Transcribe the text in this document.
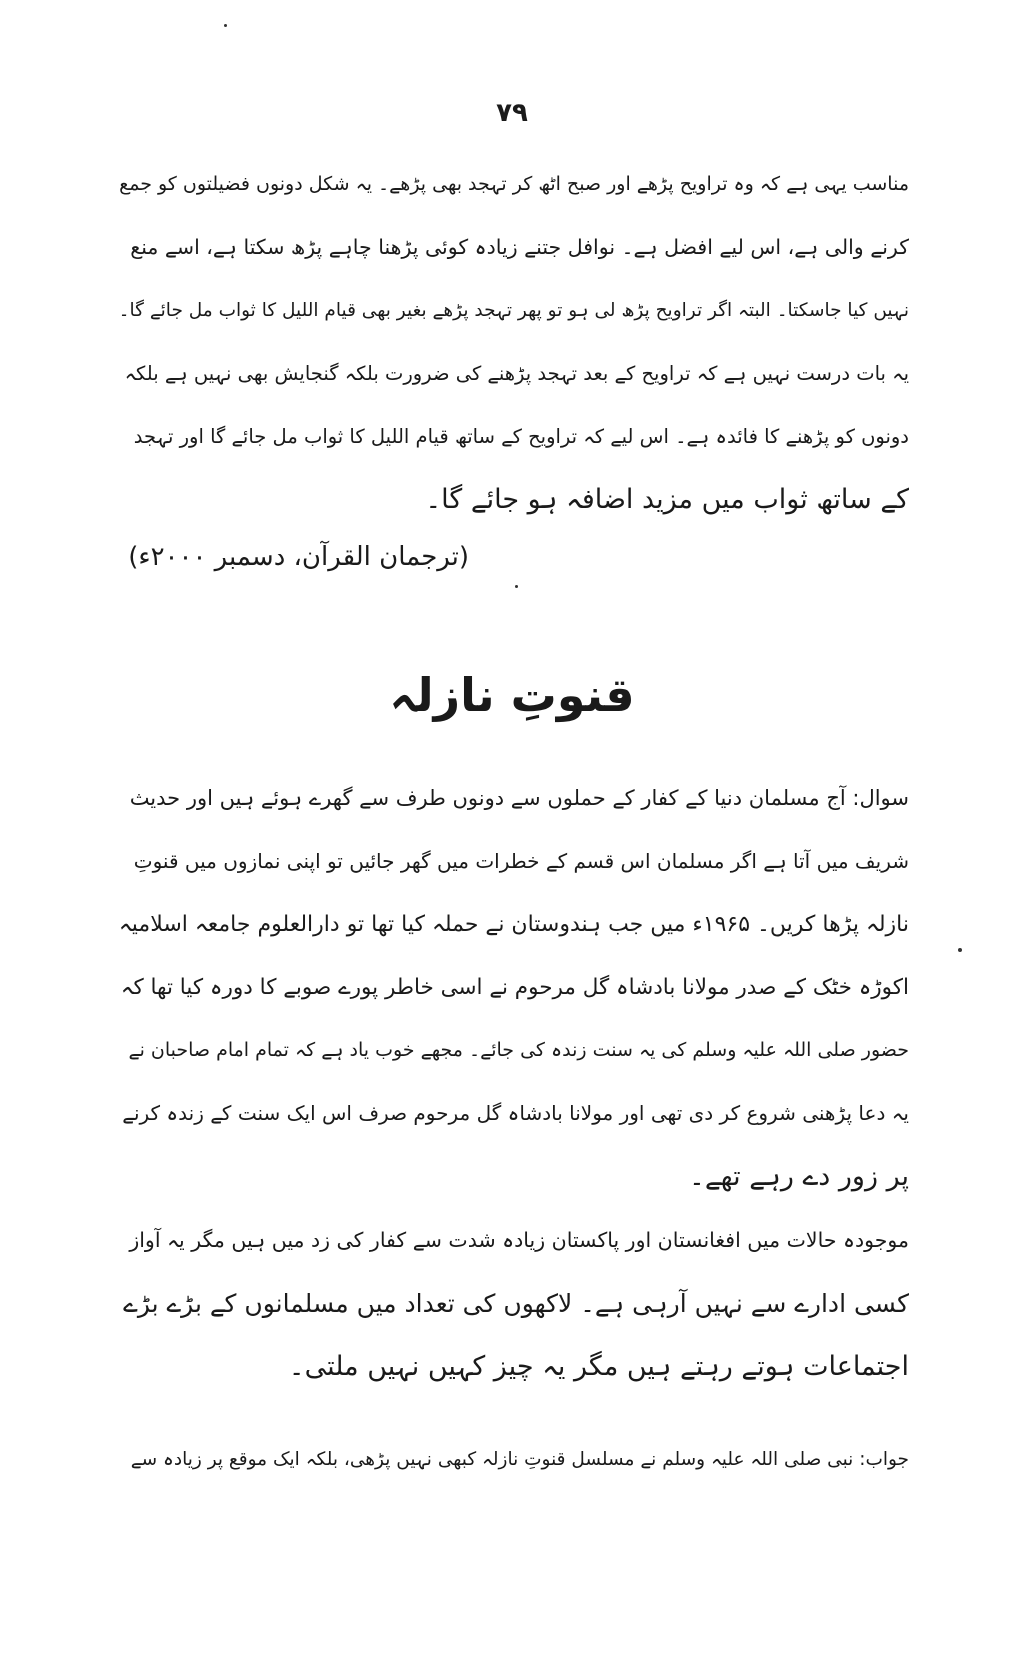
۷۹
مناسب یہی ہے کہ وہ تراویح پڑھے اور صبح اٹھ کر تہجد بھی پڑھے۔ یہ شکل دونوں فضیلتوں کو جمع
کرنے والی ہے، اس لیے افضل ہے۔ نوافل جتنے زیادہ کوئی پڑھنا چاہے پڑھ سکتا ہے، اسے منع
نہیں کیا جاسکتا۔ البتہ اگر تراویح پڑھ لی ہو تو پھر تہجد پڑھے بغیر بھی قیام اللیل کا ثواب مل جائے گا۔
یہ بات درست نہیں ہے کہ تراویح کے بعد تہجد پڑھنے کی ضرورت بلکہ گنجایش بھی نہیں ہے بلکہ
دونوں کو پڑھنے کا فائدہ ہے۔ اس لیے کہ تراویح کے ساتھ قیام اللیل کا ثواب مل جائے گا اور تہجد
کے ساتھ ثواب میں مزید اضافہ ہو جائے گا۔
(ترجمان القرآن، دسمبر ۲۰۰۰ء)
قنوتِ نازلہ
سوال: آج مسلمان دنیا کے کفار کے حملوں سے دونوں طرف سے گھرے ہوئے ہیں اور حدیث
شریف میں آتا ہے اگر مسلمان اس قسم کے خطرات میں گھر جائیں تو اپنی نمازوں میں قنوتِ
نازلہ پڑھا کریں۔ ۱۹۶۵ء میں جب ہندوستان نے حملہ کیا تھا تو دارالعلوم جامعہ اسلامیہ
اکوڑہ خٹک کے صدر مولانا بادشاہ گل مرحوم نے اسی خاطر پورے صوبے کا دورہ کیا تھا کہ
حضور صلی اللہ علیہ وسلم کی یہ سنت زندہ کی جائے۔ مجھے خوب یاد ہے کہ تمام امام صاحبان نے
یہ دعا پڑھنی شروع کر دی تھی اور مولانا بادشاہ گل مرحوم صرف اس ایک سنت کے زندہ کرنے
پر زور دے رہے تھے۔
موجودہ حالات میں افغانستان اور پاکستان زیادہ شدت سے کفار کی زد میں ہیں مگر یہ آواز
کسی ادارے سے نہیں آرہی ہے۔ لاکھوں کی تعداد میں مسلمانوں کے بڑے بڑے
اجتماعات ہوتے رہتے ہیں مگر یہ چیز کہیں نہیں ملتی۔
جواب: نبی صلی اللہ علیہ وسلم نے مسلسل قنوتِ نازلہ کبھی نہیں پڑھی، بلکہ ایک موقع پر زیادہ سے
